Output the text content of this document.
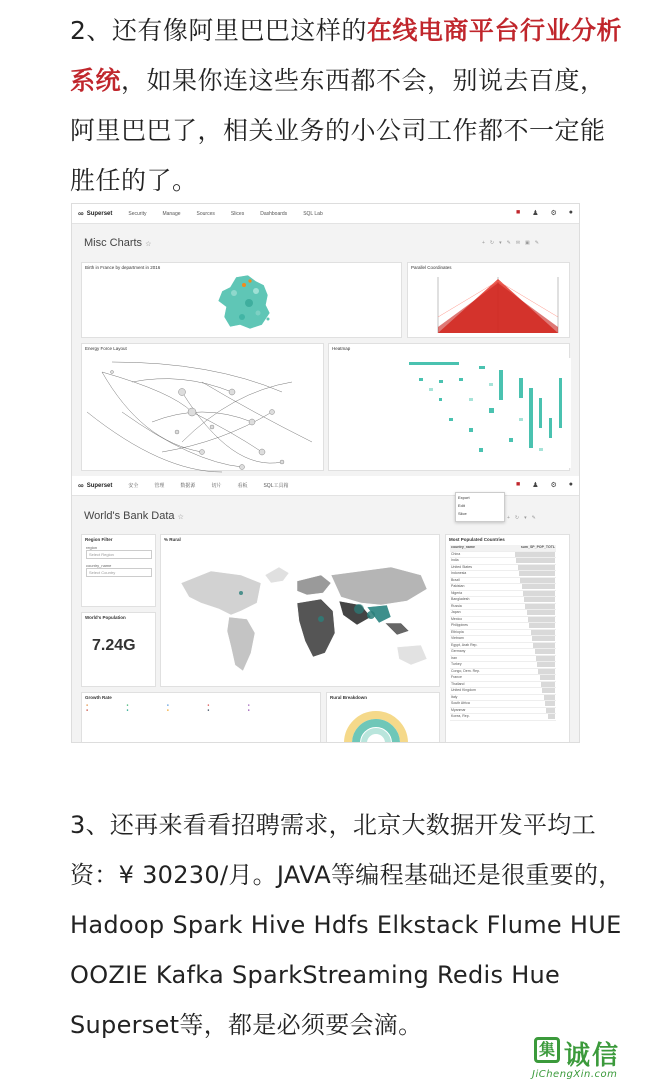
2、还有像阿里巴巴这样的在线电商平台行业分析系统，如果你连这些东西都不会，别说去百度，阿里巴巴了，相关业务的小公司工作都不一定能胜任的了。
∞ Superset	Security	Manage	Sources	Slices	Dashboards	SQL Lab	■ ♟ ⚙ ●
Misc Charts ☆	+ ↻ ▾ ✎ ✉ ▣ ✎
Birth in France by department in 2016	Parallel Coordinates
Energy Force Layout	Heatmap
∞ Superset	安全	管理	数据源	切片	看板	SQL工具箱	■ ♟ ⚙ ●
Export
Edit
Slice
World's Bank Data ☆	+ ↻ ▾ ✎
Region Filter
region
Select Region
country_name
Select Country
World's Population
7.24G
% Rural	Most Populated Countries
country_name	sum_SP_POP_TOTL
China
India
United States
Indonesia
Brazil
Pakistan
Nigeria
Bangladesh
Russia
Japan
Mexico
Philippines
Ethiopia
Vietnam
Egypt, Arab Rep.
Germany
Iran
Turkey
Congo, Dem. Rep.
France
Thailand
United Kingdom
Italy
South Africa
Myanmar
Korea, Rep.
Growth Rate
●
●
●
●
●
●
●
●
●
●	Rural Breakdown
3、还再来看看招聘需求，北京大数据开发平均工资：¥ 30230/月。JAVA等编程基础还是很重要的，Hadoop Spark Hive Hdfs Elkstack Flume HUE OOZIE Kafka SparkStreaming Redis Hue Superset等，都是必须要会滴。
集 诚信
JiChengXin.com
